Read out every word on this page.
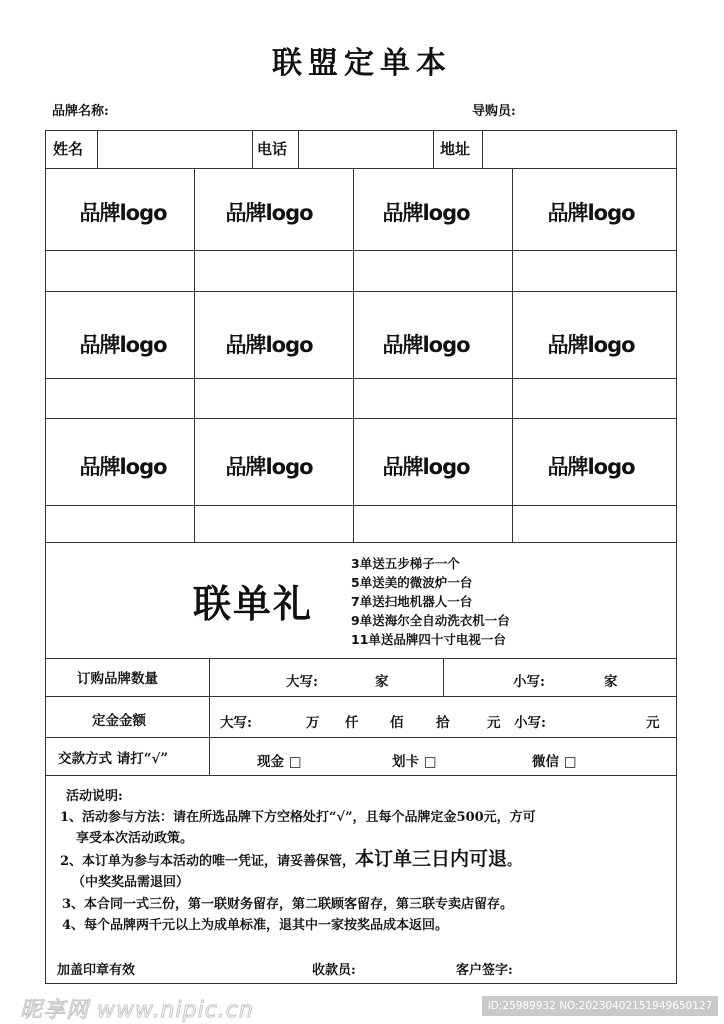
联盟定单本
品牌名称:	导购员:
姓名	电话	地址
品牌logo	品牌logo	品牌logo	品牌logo
品牌logo	品牌logo	品牌logo	品牌logo
品牌logo	品牌logo	品牌logo	品牌logo
联单礼
3单送五步梯子一个
5单送美的微波炉一台
7单送扫地机器人一台
9单送海尔全自动洗衣机一台
11单送品牌四十寸电视一台
订购品牌数量	大写:	家	小写:	家
定金金额	大写:	万 仟 佰 拾	元 小写:	元
交款方式 请打“√”	现金 □	划卡 □	微信 □
活动说明:
1、活动参与方法：请在所选品牌下方空格处打“√”，且每个品牌定金500元，方可
享受本次活动政策。
2、本订单为参与本活动的唯一凭证，请妥善保管，本订单三日内可退。
（中奖奖品需退回）
3、本合同一式三份，第一联财务留存，第二联顾客留存，第三联专卖店留存。
4、每个品牌两千元以上为成单标准，退其中一家按奖品成本返回。
加盖印章有效	收款员:	客户签字:
昵享网 www.nipic.cn	ID:25989932 NO:20230402151949650127
